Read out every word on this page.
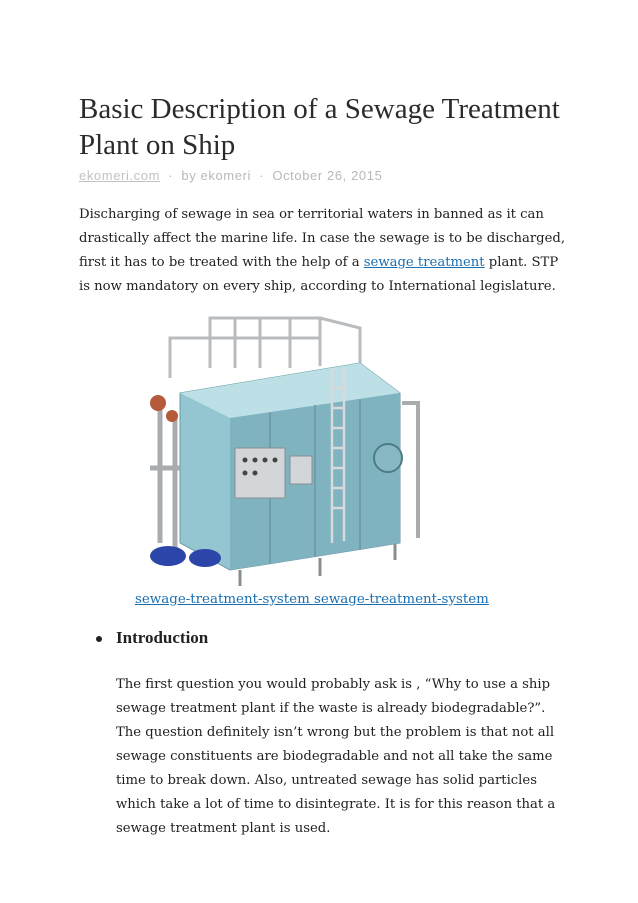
Basic Description of a Sewage Treatment Plant on Ship
ekomeri.com · by ekomeri · October 26, 2015

Discharging of sewage in sea or territorial waters in banned as it can drastically affect the marine life. In case the sewage is to be discharged, first it has to be treated with the help of a sewage treatment plant. STP is now mandatory on every ship, according to International legislature.

sewage-treatment-system sewage-treatment-system
Introduction

The first question you would probably ask is , “Why to use a ship sewage treatment plant if the waste is already biodegradable?”. The question definitely isn’t wrong but the problem is that not all sewage constituents are biodegradable and not all take the same time to break down. Also, untreated sewage has solid particles which take a lot of time to disintegrate. It is for this reason that a sewage treatment plant is used.
